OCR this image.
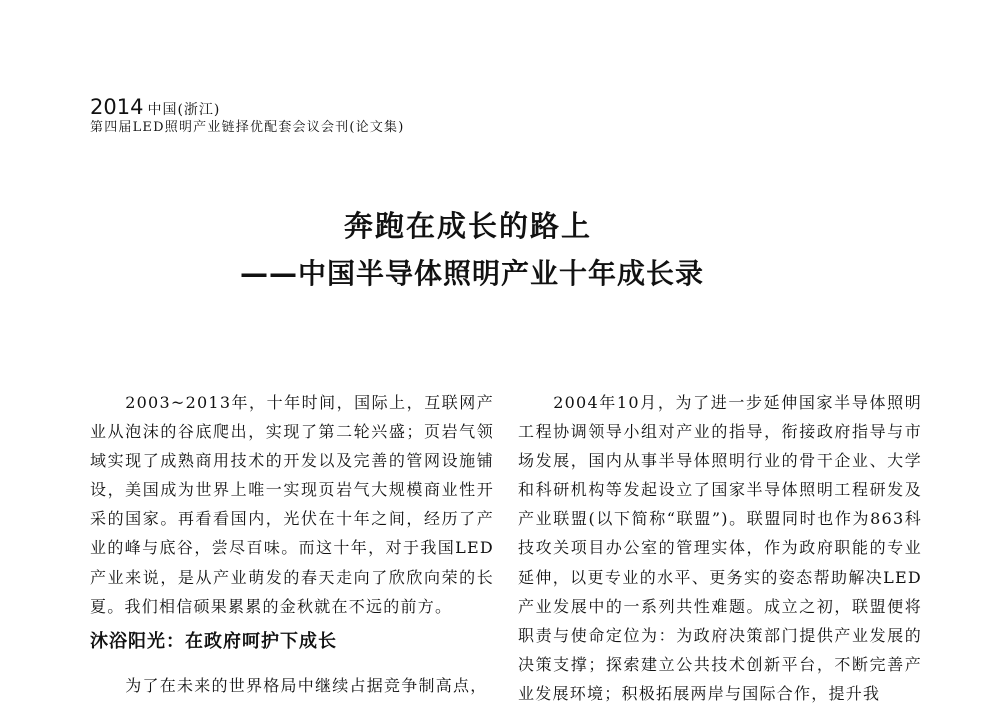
2014 中国(浙江)
第四届LED照明产业链择优配套会议会刊(论文集)
奔跑在成长的路上
——中国半导体照明产业十年成长录

2003~2013年，十年时间，国际上，互联网产业从泡沫的谷底爬出，实现了第二轮兴盛；页岩气领域实现了成熟商用技术的开发以及完善的管网设施铺设，美国成为世界上唯一实现页岩气大规模商业性开采的国家。再看看国内，光伏在十年之间，经历了产业的峰与底谷，尝尽百味。而这十年，对于我国LED产业来说，是从产业萌发的春天走向了欣欣向荣的长夏。我们相信硕果累累的金秋就在不远的前方。

沐浴阳光：在政府呵护下成长

为了在未来的世界格局中继续占据竞争制高点，

2004年10月，为了进一步延伸国家半导体照明工程协调领导小组对产业的指导，衔接政府指导与市场发展，国内从事半导体照明行业的骨干企业、大学和科研机构等发起设立了国家半导体照明工程研发及产业联盟(以下简称“联盟”)。联盟同时也作为863科技攻关项目办公室的管理实体，作为政府职能的专业延伸，以更专业的水平、更务实的姿态帮助解决LED产业发展中的一系列共性难题。成立之初，联盟便将职责与使命定位为：为政府决策部门提供产业发展的决策支撑；探索建立公共技术创新平台，不断完善产业发展环境；积极拓展两岸与国际合作，提升我
